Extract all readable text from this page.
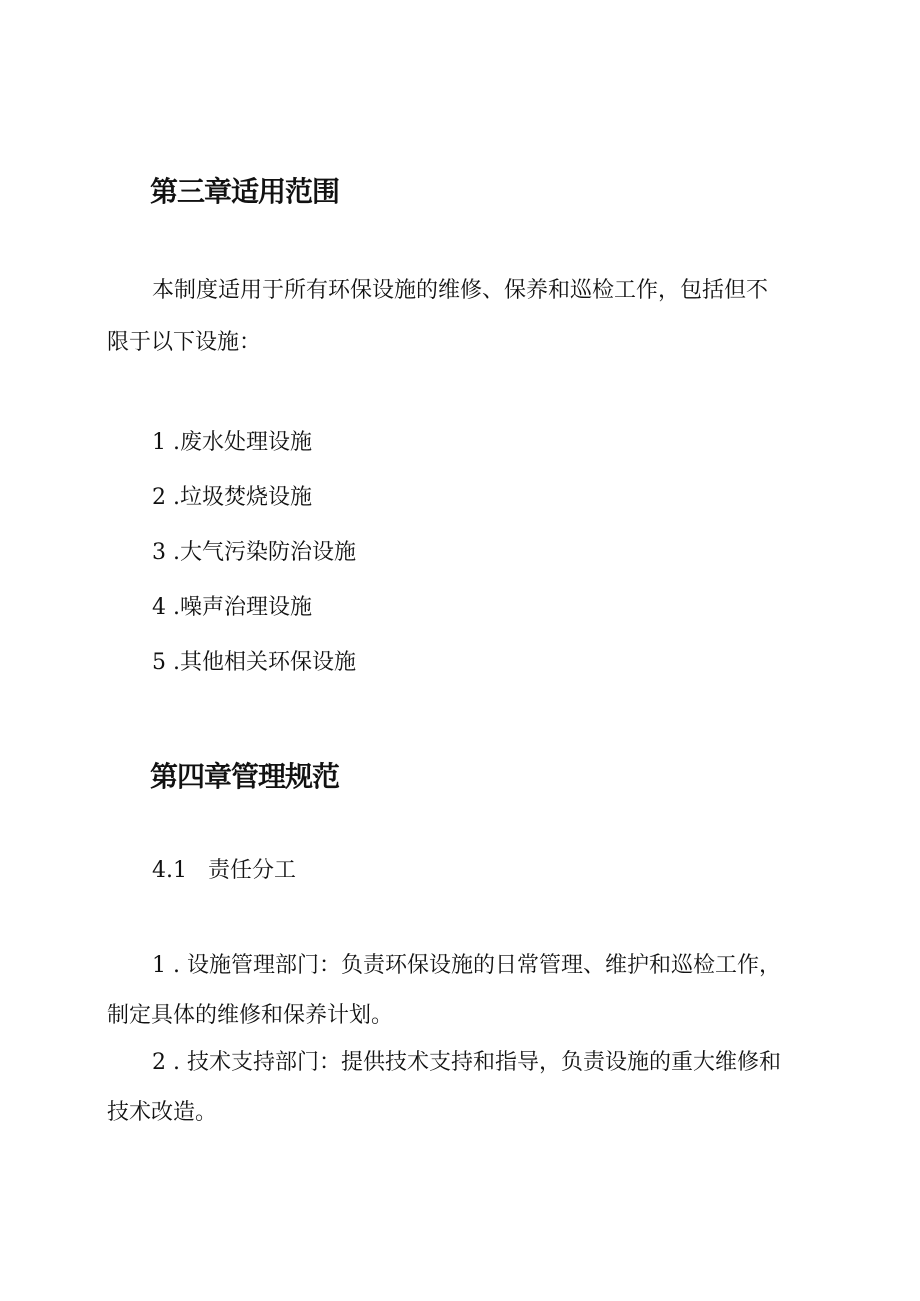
第三章适用范围
本制度适用于所有环保设施的维修、保养和巡检工作，包括但不
限于以下设施：
1 .废水处理设施
2 .垃圾焚烧设施
3 .大气污染防治设施
4 .噪声治理设施
5 .其他相关环保设施
第四章管理规范
4.1   责任分工
1 . 设施管理部门：负责环保设施的日常管理、维护和巡检工作，
制定具体的维修和保养计划。
2 . 技术支持部门：提供技术支持和指导，负责设施的重大维修和
技术改造。
